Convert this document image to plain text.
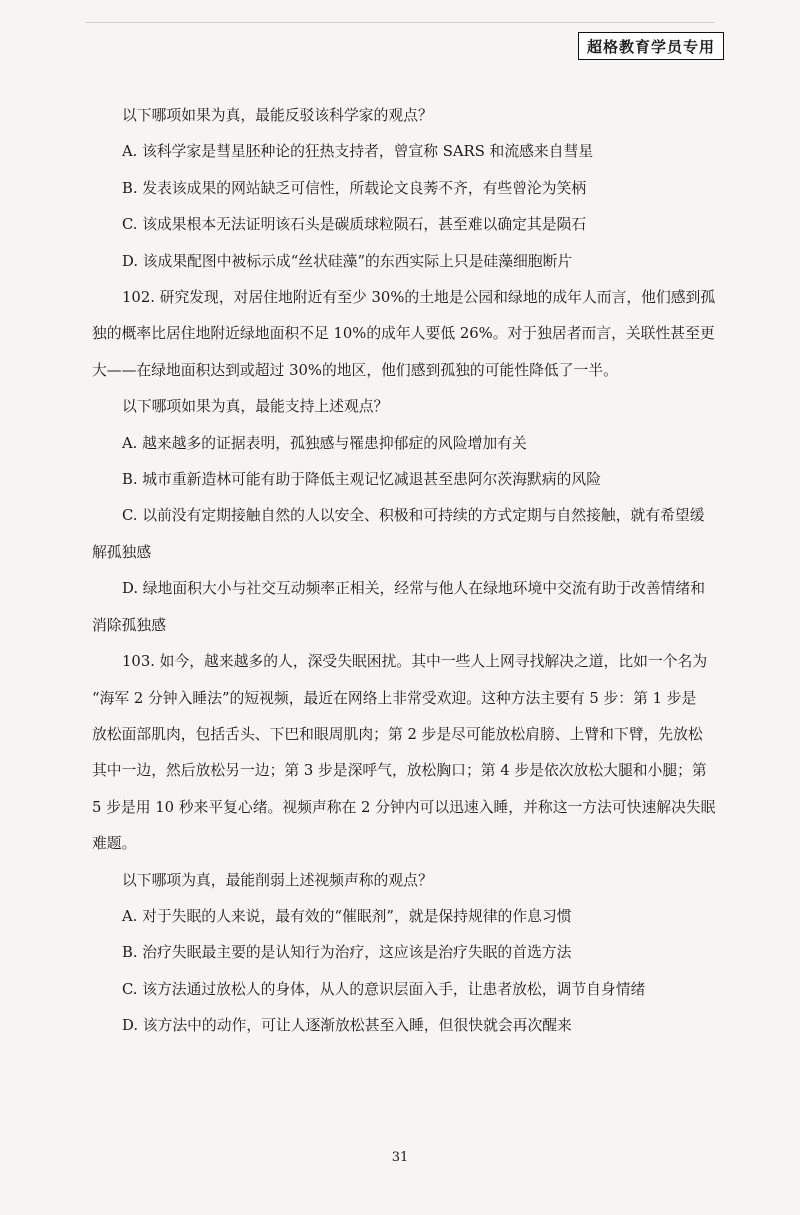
超格教育学员专用

以下哪项如果为真，最能反驳该科学家的观点？

A. 该科学家是彗星胚种论的狂热支持者，曾宣称 SARS 和流感来自彗星

B. 发表该成果的网站缺乏可信性，所载论文良莠不齐，有些曾沦为笑柄

C. 该成果根本无法证明该石头是碳质球粒陨石，甚至难以确定其是陨石

D. 该成果配图中被标示成“丝状硅藻”的东西实际上只是硅藻细胞断片

102. 研究发现，对居住地附近有至少 30%的土地是公园和绿地的成年人而言，他们感到孤

独的概率比居住地附近绿地面积不足 10%的成年人要低 26%。对于独居者而言，关联性甚至更

大——在绿地面积达到或超过 30%的地区，他们感到孤独的可能性降低了一半。

以下哪项如果为真，最能支持上述观点？

A. 越来越多的证据表明，孤独感与罹患抑郁症的风险增加有关

B. 城市重新造林可能有助于降低主观记忆减退甚至患阿尔茨海默病的风险

C. 以前没有定期接触自然的人以安全、积极和可持续的方式定期与自然接触，就有希望缓

解孤独感

D. 绿地面积大小与社交互动频率正相关，经常与他人在绿地环境中交流有助于改善情绪和

消除孤独感

103. 如今，越来越多的人，深受失眠困扰。其中一些人上网寻找解决之道，比如一个名为

“海军 2 分钟入睡法”的短视频，最近在网络上非常受欢迎。这种方法主要有 5 步：第 1 步是

放松面部肌肉，包括舌头、下巴和眼周肌肉；第 2 步是尽可能放松肩膀、上臂和下臂，先放松

其中一边，然后放松另一边；第 3 步是深呼气，放松胸口；第 4 步是依次放松大腿和小腿；第

5 步是用 10 秒来平复心绪。视频声称在 2 分钟内可以迅速入睡，并称这一方法可快速解决失眠

难题。

以下哪项为真，最能削弱上述视频声称的观点？

A. 对于失眠的人来说，最有效的“催眠剂”，就是保持规律的作息习惯

B. 治疗失眠最主要的是认知行为治疗，这应该是治疗失眠的首选方法

C. 该方法通过放松人的身体，从人的意识层面入手，让患者放松，调节自身情绪

D. 该方法中的动作，可让人逐渐放松甚至入睡，但很快就会再次醒来

31
